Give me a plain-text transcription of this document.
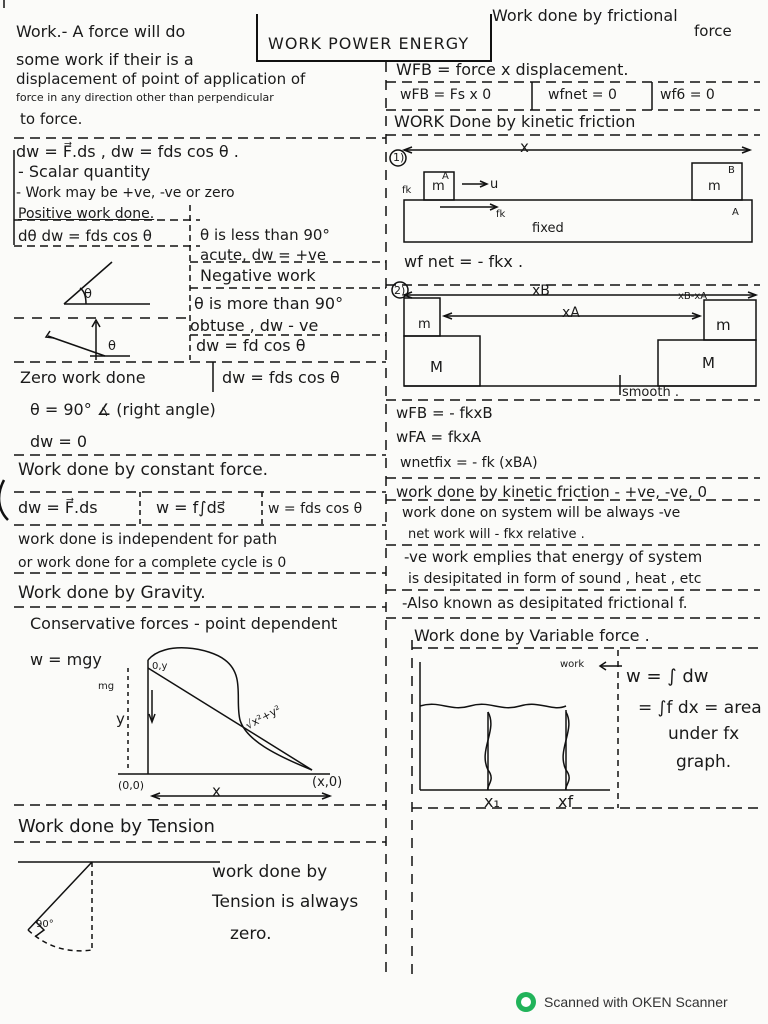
WORK POWER ENERGY
Work.- A force will do
some work if their is a
displacement of point of application of
force in any direction other than perpendicular
to force.
dw = F⃗.ds , dw = fds cos θ .
- Scalar quantity
- Work may be +ve, -ve or zero
Positive work done.
dθ dw = fds cos θ	θ is less than 90°
acute, dw = +ve
θ
Negative work
θ is more than 90°
obtuse , dw - ve
dw = fd cos θ
θ
Zero work done	dw = fds cos θ
θ = 90° ∡ (right angle)
dw = 0
Work done by constant force.
dw = F⃗.ds	w = f∫ds⃗	w = fds cos θ
work done is independent for path
or work done for a complete cycle is 0
Work done by Gravity.
Conservative forces - point dependent
w = mgy
mg
0,y
(0,0)	(x,0)
√x²+y²
y
x
Work done by Tension
work done by
Tension is always
zero.
90°
Work done by frictional
force
WFB = force x displacement.
wFB = Fs x 0	wfnet = 0	wf6 = 0
WORK Done by kinetic friction
1)
x
m
A
m
B
A
u
fk
fk
fixed
wf net = - fkx .
2)	xB
xA
xB-xA
m
M
m
M
smooth .
wFB = - fkxB
wFA = fkxA
wnetfix = - fk (xBA)
work done by kinetic friction - +ve, -ve, 0
work done on system will be always -ve
net work will - fkx relative .
-ve work emplies that energy of system
is desipitated in form of sound , heat , etc
-Also known as desipitated frictional f.
Work done by Variable force .
work
w = ∫ dw
= ∫f dx = area
under fx
graph.
x₁	xf
Scanned with OKEN Scanner
